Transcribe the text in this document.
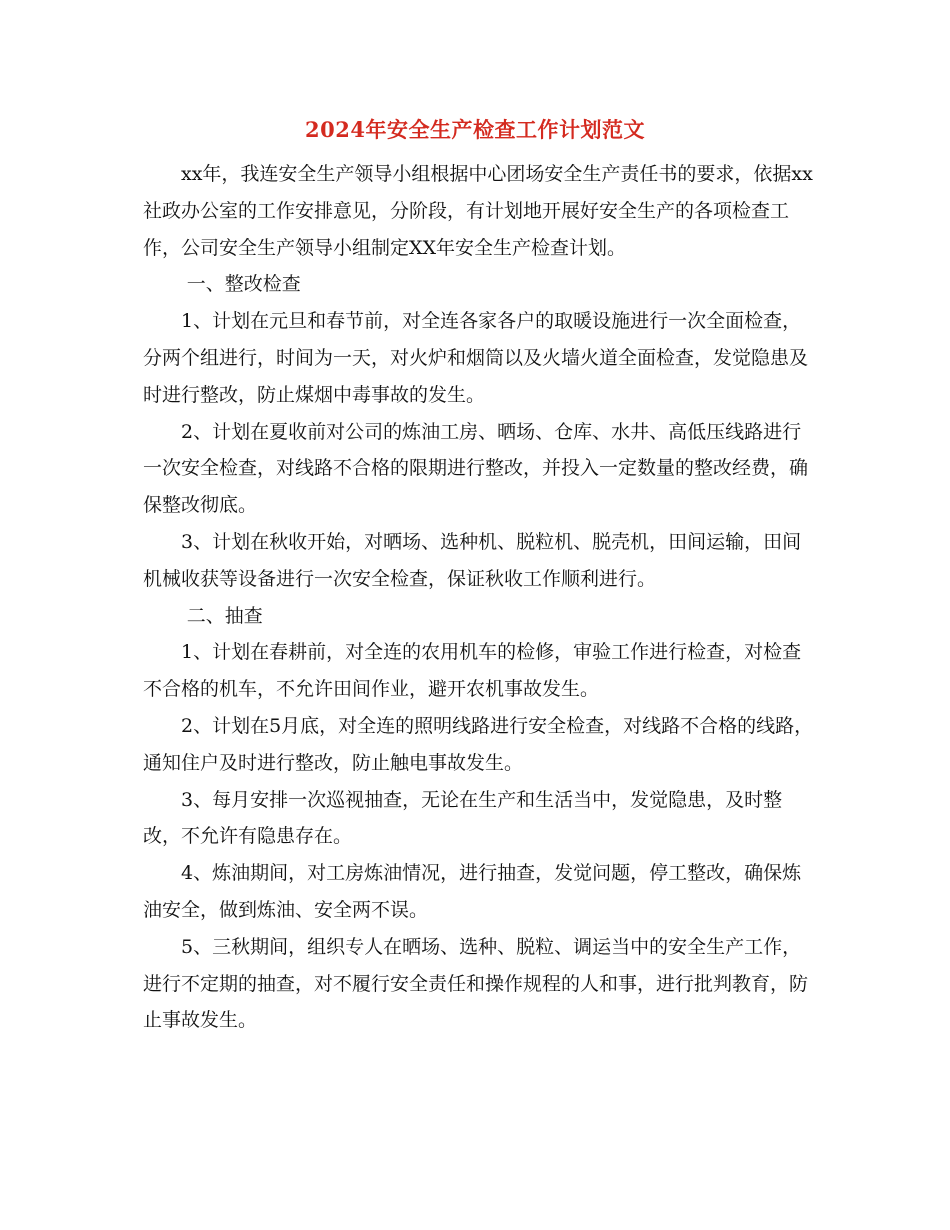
2024年安全生产检查工作计划范文

xx年，我连安全生产领导小组根据中心团场安全生产责任书的要求，依据xx社政办公室的工作安排意见，分阶段，有计划地开展好安全生产的各项检查工作，公司安全生产领导小组制定XX年安全生产检查计划。

一、整改检查

1、计划在元旦和春节前，对全连各家各户的取暖设施进行一次全面检查，分两个组进行，时间为一天，对火炉和烟筒以及火墙火道全面检查，发觉隐患及时进行整改，防止煤烟中毒事故的发生。

2、计划在夏收前对公司的炼油工房、晒场、仓库、水井、高低压线路进行一次安全检查，对线路不合格的限期进行整改，并投入一定数量的整改经费，确保整改彻底。

3、计划在秋收开始，对晒场、选种机、脱粒机、脱壳机，田间运输，田间机械收获等设备进行一次安全检查，保证秋收工作顺利进行。

二、抽查

1、计划在春耕前，对全连的农用机车的检修，审验工作进行检查，对检查不合格的机车，不允许田间作业，避开农机事故发生。

2、计划在5月底，对全连的照明线路进行安全检查，对线路不合格的线路，通知住户及时进行整改，防止触电事故发生。

3、每月安排一次巡视抽查，无论在生产和生活当中，发觉隐患，及时整改，不允许有隐患存在。

4、炼油期间，对工房炼油情况，进行抽查，发觉问题，停工整改，确保炼油安全，做到炼油、安全两不误。

5、三秋期间，组织专人在晒场、选种、脱粒、调运当中的安全生产工作，进行不定期的抽查，对不履行安全责任和操作规程的人和事，进行批判教育，防止事故发生。
